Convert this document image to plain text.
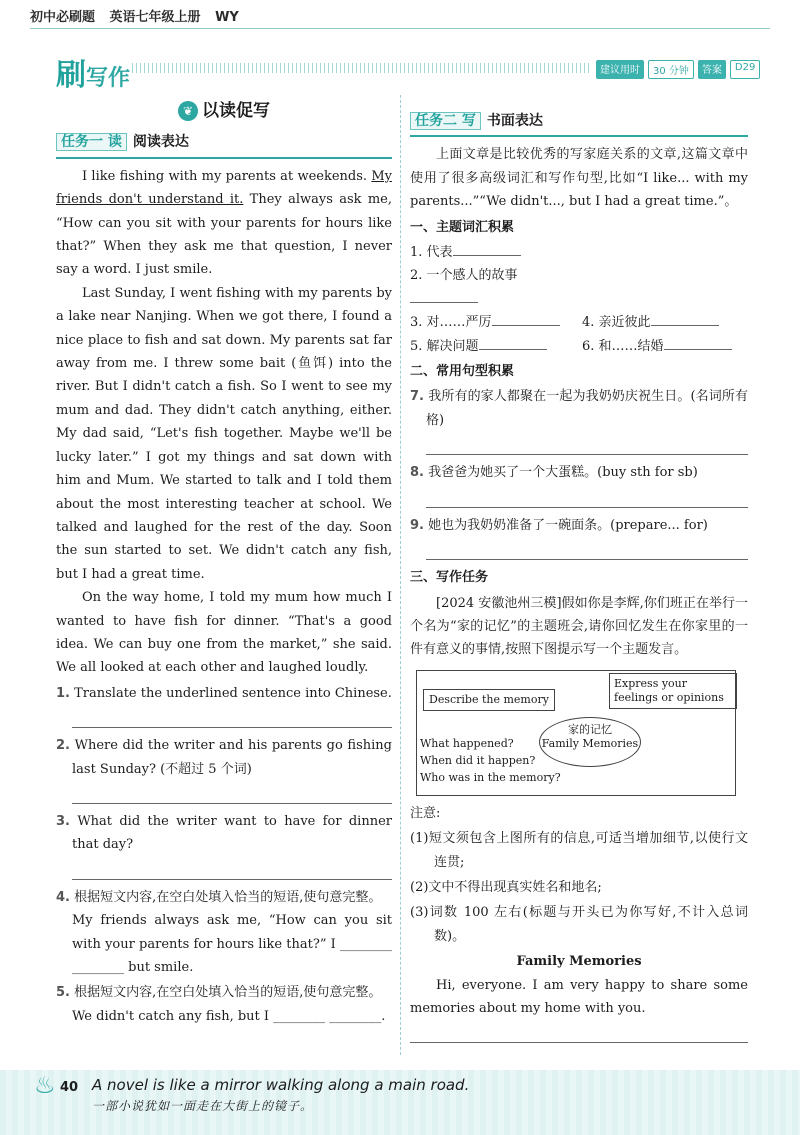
初中必刷题 英语七年级上册 WY
刷写作	建议用时	30 分钟	答案	D29
❦ 以读促写
任务一 读 阅读表达

I like fishing with my parents at weekends. My friends don't understand it. They always ask me, “How can you sit with your parents for hours like that?” When they ask me that question, I never say a word. I just smile.

Last Sunday, I went fishing with my parents by a lake near Nanjing. When we got there, I found a nice place to fish and sat down. My parents sat far away from me. I threw some bait (鱼饵) into the river. But I didn't catch a fish. So I went to see my mum and dad. They didn't catch anything, either. My dad said, “Let's fish together. Maybe we'll be lucky later.” I got my things and sat down with him and Mum. We started to talk and I told them about the most interesting teacher at school. We talked and laughed for the rest of the day. Soon the sun started to set. We didn't catch any fish, but I had a great time.

On the way home, I told my mum how much I wanted to have fish for dinner. “That's a good idea. We can buy one from the market,” she said. We all looked at each other and laughed loudly.

1. Translate the underlined sentence into Chinese.
2. Where did the writer and his parents go fishing last Sunday? (不超过 5 个词)
3. What did the writer want to have for dinner that day?
4. 根据短文内容,在空白处填入恰当的短语,使句意完整。
My friends always ask me, “How can you sit with your parents for hours like that?” I ________ ________ but smile.
5. 根据短文内容,在空白处填入恰当的短语,使句意完整。
We didn't catch any fish, but I ________ ________.
任务二 写 书面表达

上面文章是比较优秀的写家庭关系的文章,这篇文章中使用了很多高级词汇和写作句型,比如“I like... with my parents...”“We didn't..., but I had a great time.”。

一、主题词汇积累
1. 代表
2. 一个感人的故事
3. 对……严厉	4. 亲近彼此
5. 解决问题	6. 和……结婚
二、常用句型积累
7. 我所有的家人都聚在一起为我奶奶庆祝生日。(名词所有格)
8. 我爸爸为她买了一个大蛋糕。(buy sth for sb)
9. 她也为我奶奶准备了一碗面条。(prepare... for)
三、写作任务

[2024 安徽池州三模]假如你是李辉,你们班正在举行一个名为“家的记忆”的主题班会,请你回忆发生在你家里的一件有意义的事情,按照下图提示写一个主题发言。

Describe the memory
Express your feelings or opinions
家的记忆
Family Memories
What happened?
When did it happen?
Who was in the memory?
注意:
(1)短文须包含上图所有的信息,可适当增加细节,以使行文连贯;
(2)文中不得出现真实姓名和地名;
(3)词数 100 左右(标题与开头已为你写好,不计入总词数)。
Family Memories

Hi, everyone. I am very happy to share some memories about my home with you.

♨ 40 A novel is like a mirror walking along a main road.
一部小说犹如一面走在大街上的镜子。
